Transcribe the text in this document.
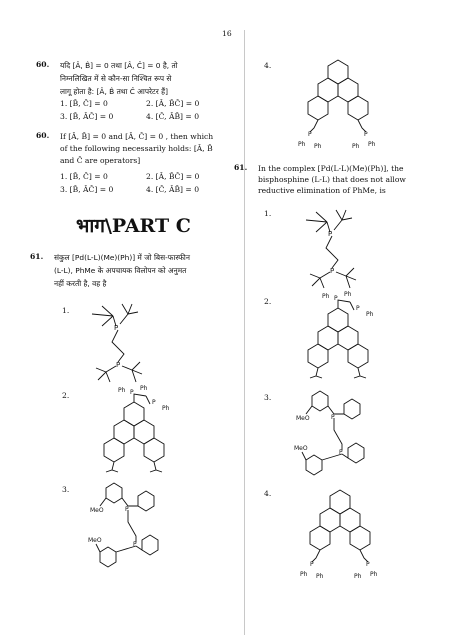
16
60. यदि [Â, B̂] = 0 तथा [Â, Ĉ] = 0 है, तो
निम्नलिखित में से कौन-सा निश्चित रूप से
लागू होता है: [Â, B̂ तथा Ĉ आपरेटर हैं]
1. [B̂, Ĉ] = 0	2. [Â, B̂Ĉ] = 0
3. [B̂, ÂĈ] = 0	4. [Ĉ, ÂB̂] = 0
60. If [Â, B̂] = 0 and [Â, Ĉ] = 0 , then which
of the following necessarily holds: [Â, B̂
and Ĉ are operators]
1. [B̂, Ĉ] = 0	2. [Â, B̂Ĉ] = 0
3. [B̂, ÂĈ] = 0	4. [Ĉ, ÂB̂] = 0
भाग\PART C
61. संकुल [Pd(L-L)(Me)(Ph)] में जो बिस-फास्फीन
(L-L), PhMe के अपचायक विलोपन को अनुमत
नहीं करती है, वह है
1.
2.
3.
P
P
Ph P
Ph
P
Ph
P
P
MeO
MeO
4.
P	P
Ph Ph	Ph Ph
61. In the complex [Pd(L-L)(Me)(Ph)], the
bisphosphine (L-L) that does not allow
reductive elimination of PhMe, is
1.
2.
3.
4.
P
P
Ph P
Ph
P
Ph
P
P
MeO
MeO
P	P
Ph Ph	Ph Ph
